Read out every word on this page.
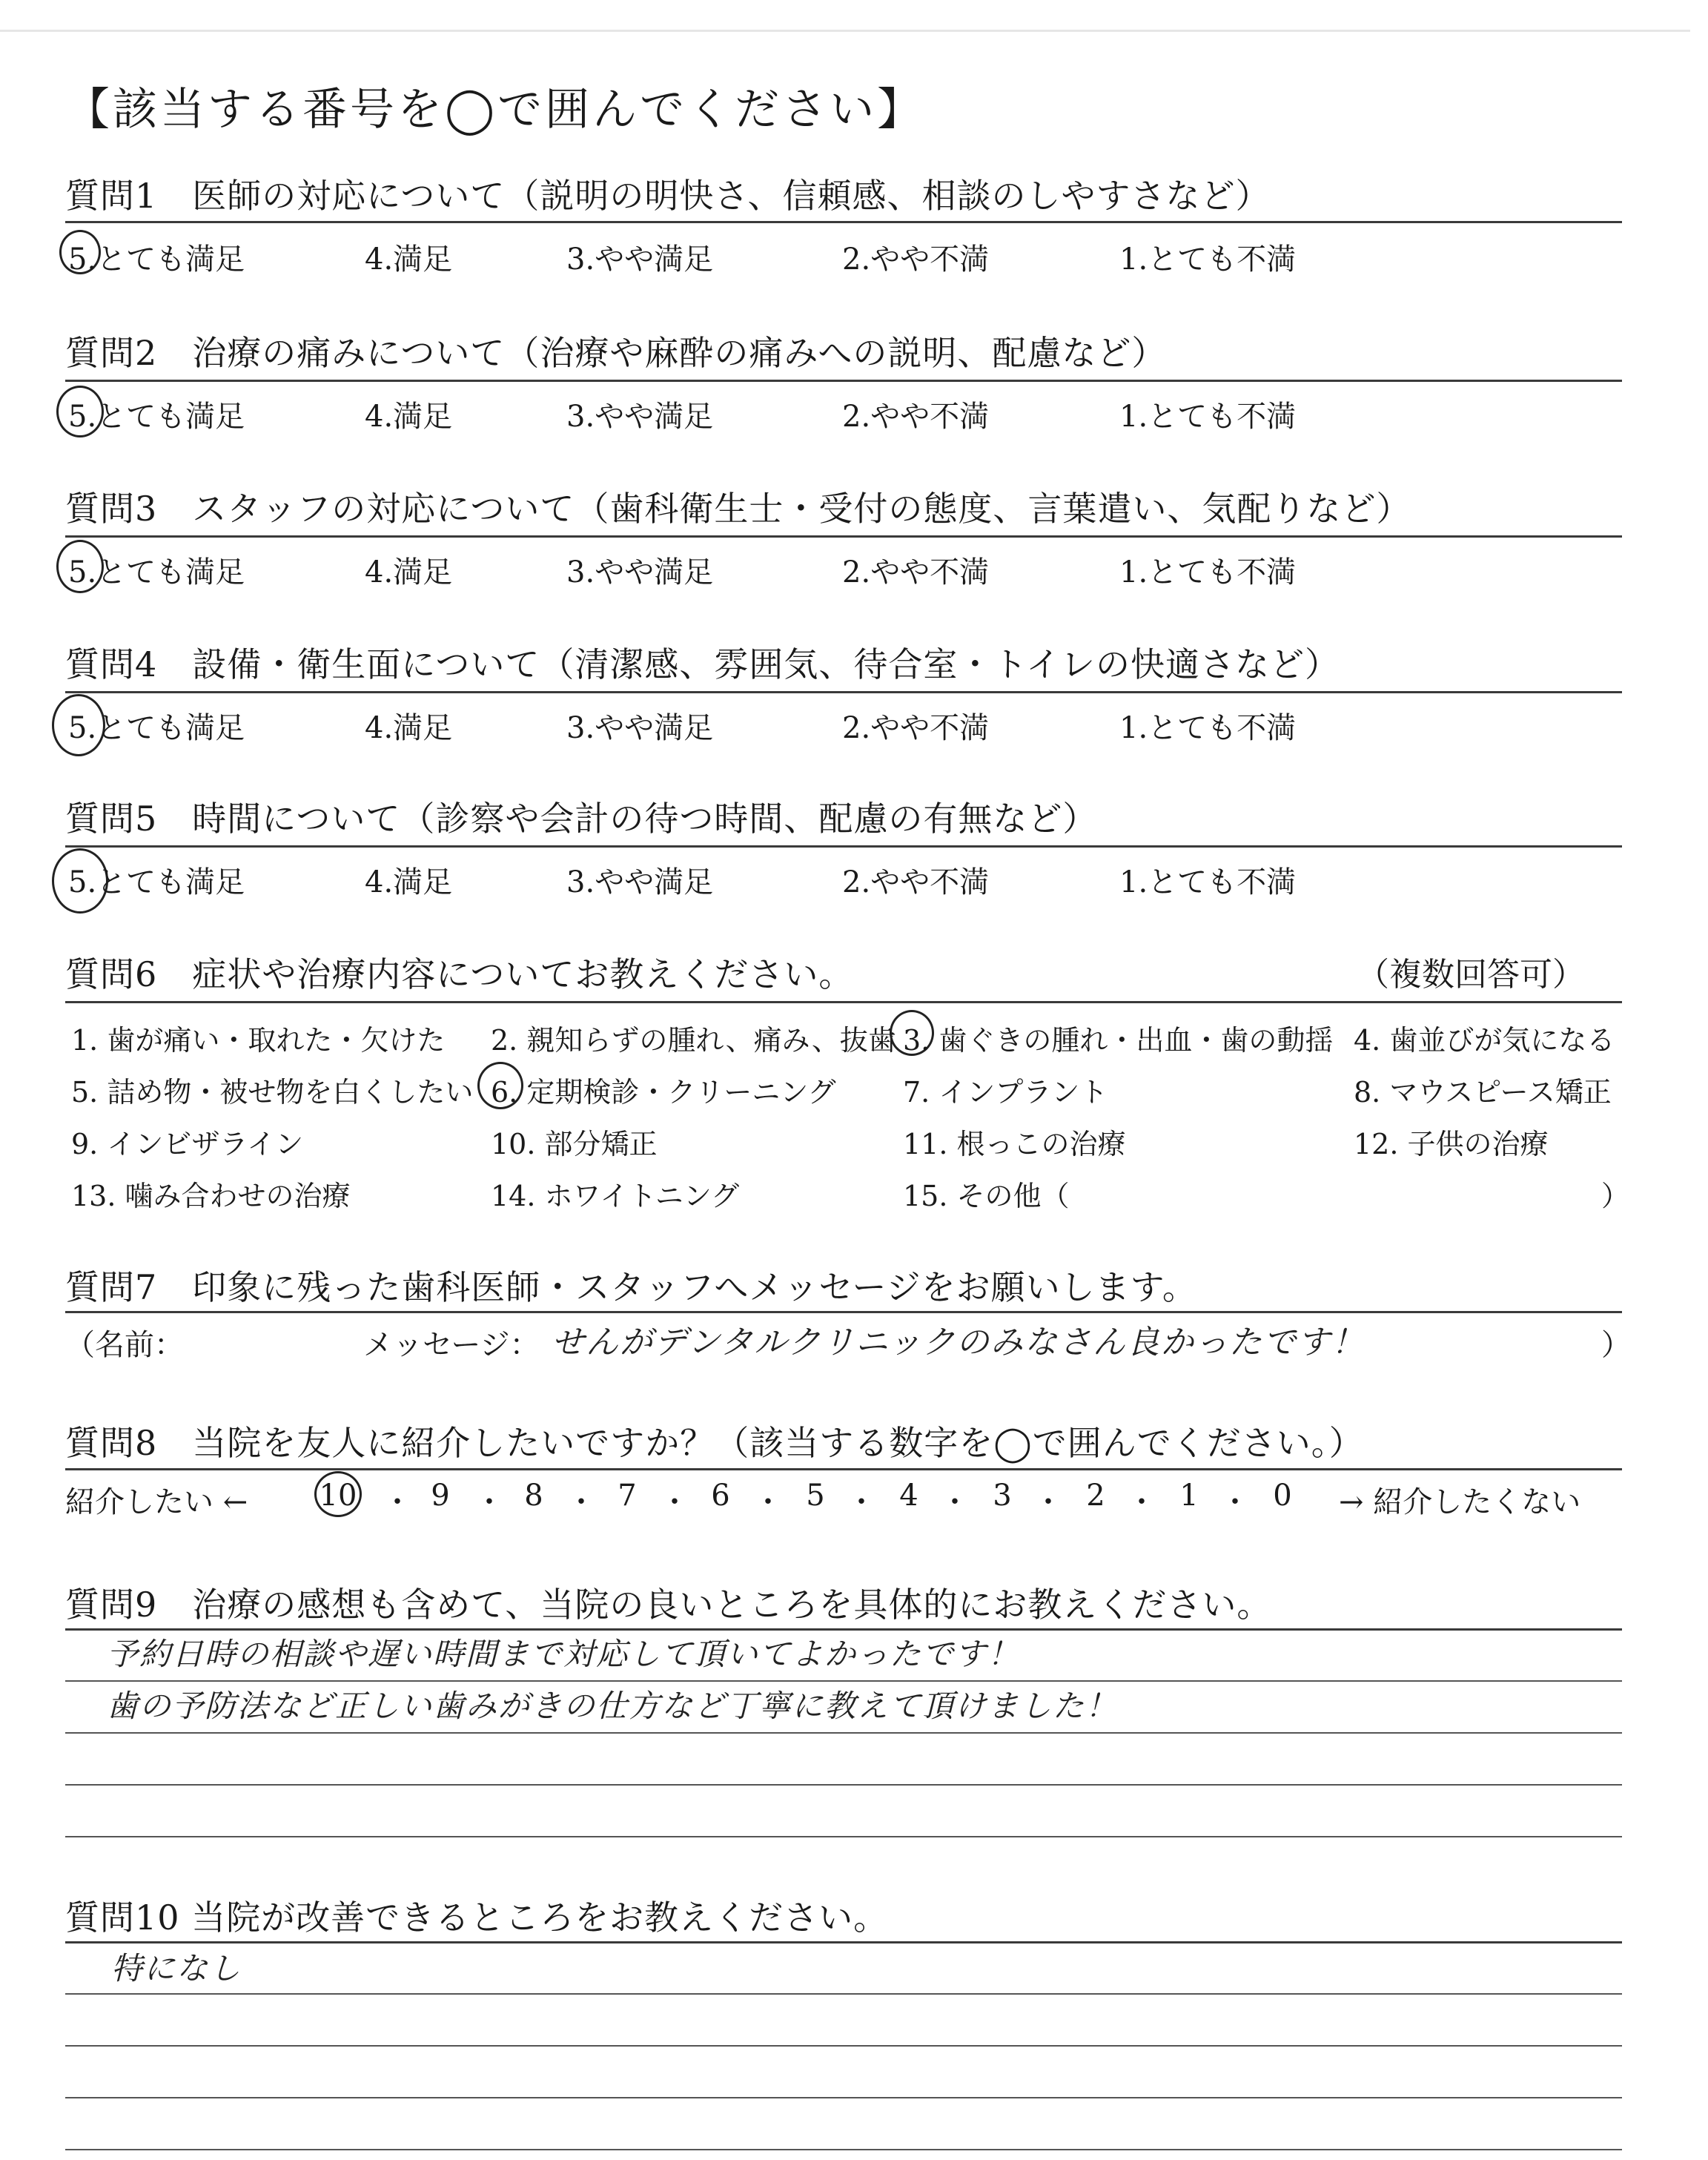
【該当する番号を◯で囲んでください】
質問1　医師の対応について（説明の明快さ、信頼感、相談のしやすさなど）
5.とても満足	4.満足	3.やや満足	2.やや不満	1.とても不満
質問2　治療の痛みについて（治療や麻酔の痛みへの説明、配慮など）
5.とても満足	4.満足	3.やや満足	2.やや不満	1.とても不満
質問3　スタッフの対応について（歯科衛生士・受付の態度、言葉遣い、気配りなど）
5.とても満足	4.満足	3.やや満足	2.やや不満	1.とても不満
質問4　設備・衛生面について（清潔感、雰囲気、待合室・トイレの快適さなど）
5.とても満足	4.満足	3.やや満足	2.やや不満	1.とても不満
質問5　時間について（診察や会計の待つ時間、配慮の有無など）
5.とても満足	4.満足	3.やや満足	2.やや不満	1.とても不満
質問6　症状や治療内容についてお教えください。	（複数回答可）
1. 歯が痛い・取れた・欠けた 2. 親知らずの腫れ、痛み、抜歯 3. 歯ぐきの腫れ・出血・歯の動揺 4. 歯並びが気になる
5. 詰め物・被せ物を白くしたい 6. 定期検診・クリーニング 7. インプラント	8. マウスピース矯正
9. インビザライン	10. 部分矯正	11. 根っこの治療	12. 子供の治療
13. 噛み合わせの治療	14. ホワイトニング	15. その他（	）
質問7　印象に残った歯科医師・スタッフへメッセージをお願いします。
（名前：	メッセージ： せんがデンタルクリニックのみなさん良かったです！	）
質問8　当院を友人に紹介したいですか？（該当する数字を◯で囲んでください。）
紹介したい ← 10 ・ 9 ・ 8 ・ 7 ・ 6 ・ 5 ・ 4 ・ 3 ・ 2 ・ 1 ・ 0 → 紹介したくない
質問9　治療の感想も含めて、当院の良いところを具体的にお教えください。
予約日時の相談や遅い時間まで対応して頂いてよかったです！
歯の予防法など正しい歯みがきの仕方など丁寧に教えて頂けました！
質問10 当院が改善できるところをお教えください。
特になし
